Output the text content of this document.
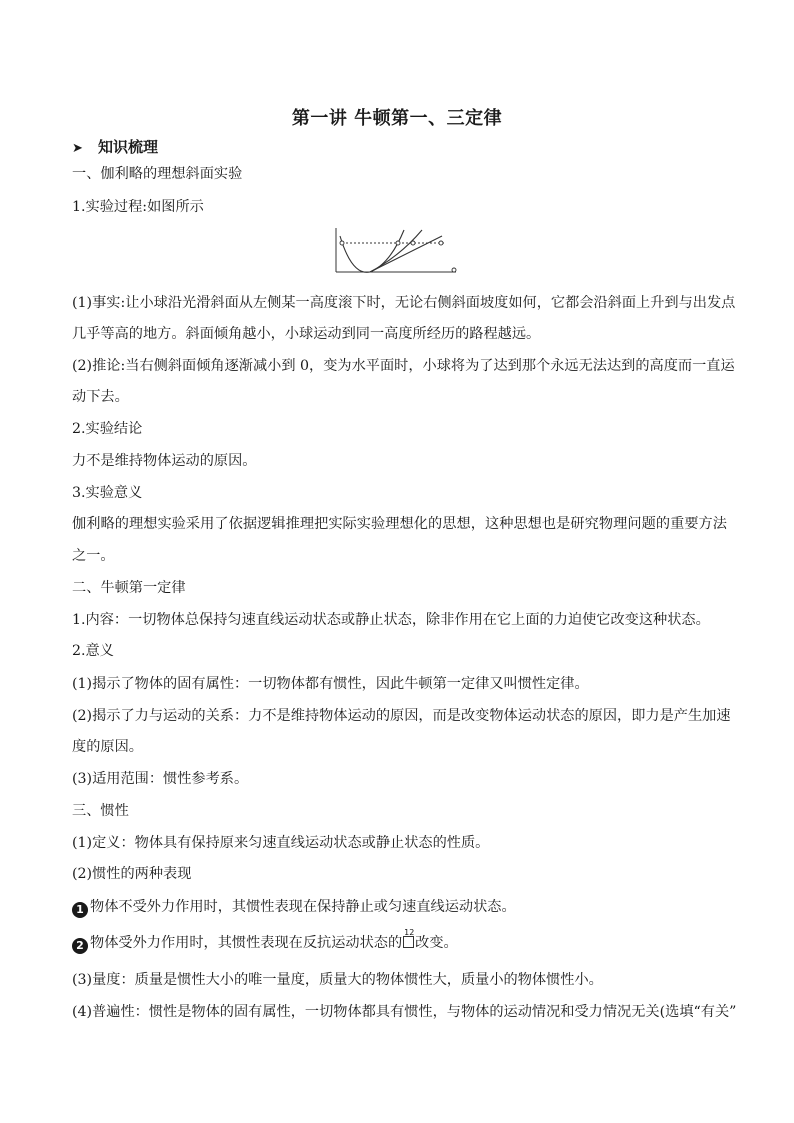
第一讲 牛顿第一、三定律
➤ 知识梳理
一、伽利略的理想斜面实验
1.实验过程:如图所示
(1)事实:让小球沿光滑斜面从左侧某一高度滚下时，无论右侧斜面坡度如何，它都会沿斜面上升到与出发点
几乎等高的地方。斜面倾角越小，小球运动到同一高度所经历的路程越远。
(2)推论:当右侧斜面倾角逐渐减小到 0，变为水平面时，小球将为了达到那个永远无法达到的高度而一直运
动下去。
2.实验结论
力不是维持物体运动的原因。
3.实验意义
伽利略的理想实验采用了依据逻辑推理把实际实验理想化的思想，这种思想也是研究物理问题的重要方法
之一。
二、牛顿第一定律
1.内容：一切物体总保持匀速直线运动状态或静止状态，除非作用在它上面的力迫使它改变这种状态。
2.意义
(1)揭示了物体的固有属性：一切物体都有惯性，因此牛顿第一定律又叫惯性定律。
(2)揭示了力与运动的关系：力不是维持物体运动的原因，而是改变物体运动状态的原因，即力是产生加速
度的原因。
(3)适用范围：惯性参考系。
三、惯性
(1)定义：物体具有保持原来匀速直线运动状态或静止状态的性质。
(2)惯性的两种表现
1 物体不受外力作用时，其惯性表现在保持静止或匀速直线运动状态。
2 物体受外力作用时，其惯性表现在反抗运动状态的
12
改变。
(3)量度：质量是惯性大小的唯一量度，质量大的物体惯性大，质量小的物体惯性小。
(4)普遍性：惯性是物体的固有属性，一切物体都具有惯性，与物体的运动情况和受力情况无关(选填“有关”
